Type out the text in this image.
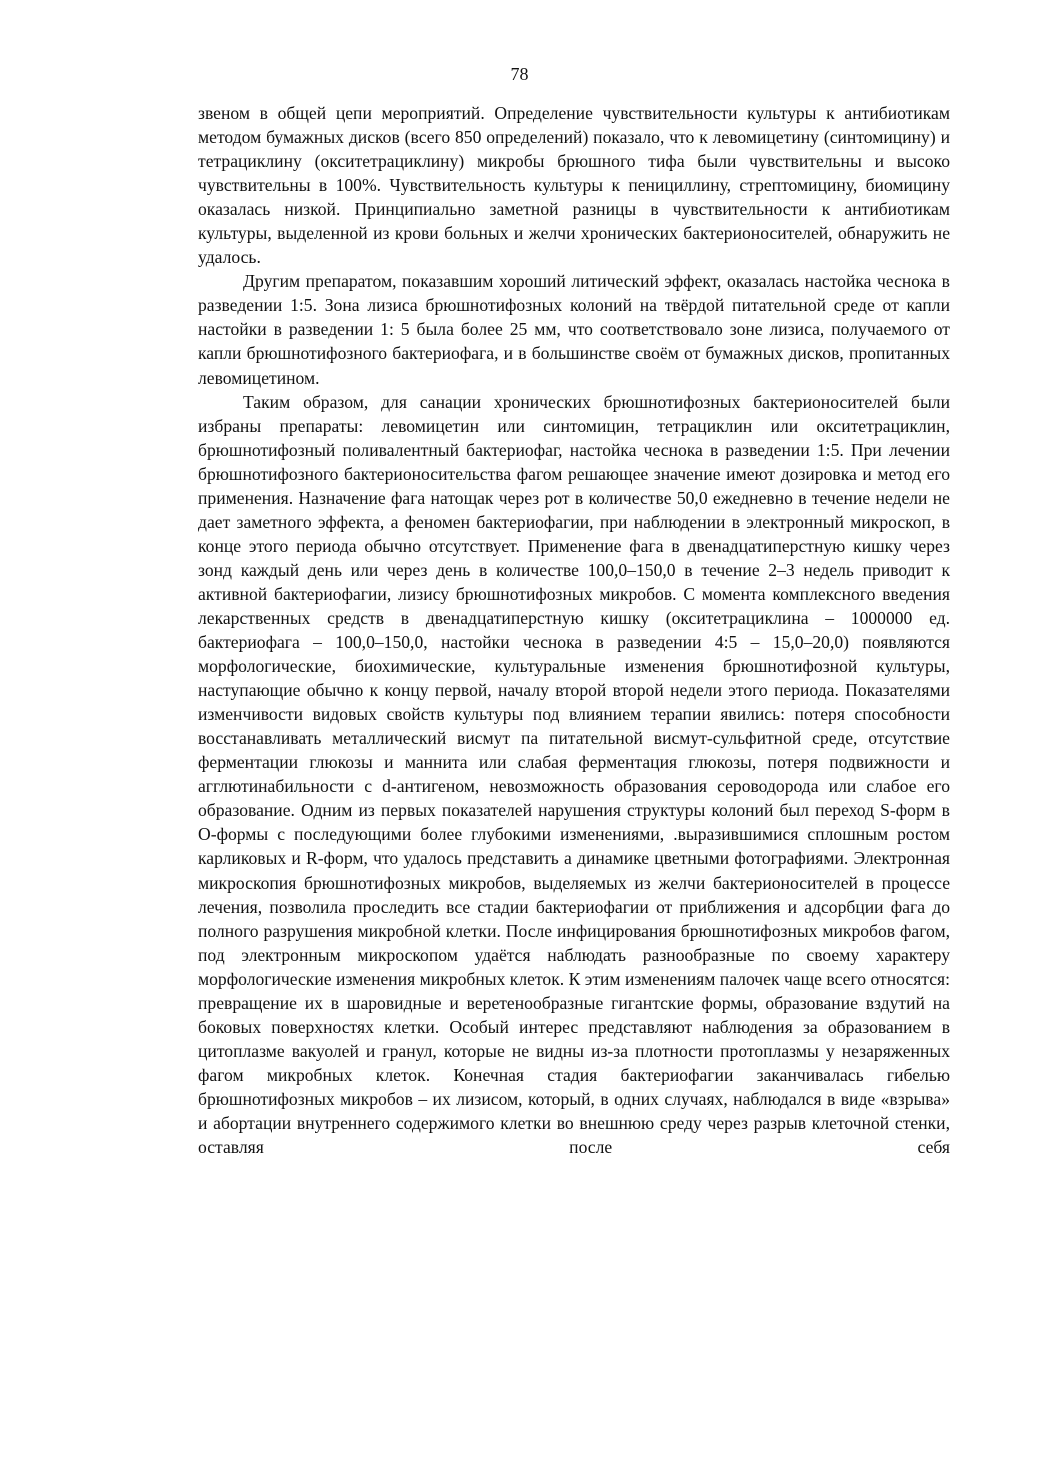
78

звеном в общей цепи мероприятий. Определение чувствительности культуры к антибиотикам методом бумажных дисков (всего 850 определений) показало, что к левомицетину (синтомицину) и тетрациклину (окситетрациклину) микробы брюшного тифа были чувствительны и высоко чувствительны в 100%. Чувствительность культуры к пенициллину, стрептомицину, биомицину оказалась низкой. Принципиально заметной разницы в чувствительности к антибиотикам культуры, выделенной из крови больных и желчи хронических бактерионосителей, обнаружить не удалось.

Другим препаратом, показавшим хороший литический эффект, оказалась настойка чеснока в разведении 1:5. Зона лизиса брюшнотифозных колоний на твёрдой питательной среде от капли настойки в разведении 1: 5 была более 25 мм, что соответствовало зоне лизиса, получаемого от капли брюшнотифозного бактериофага, и в большинстве своём от бумажных дисков, пропитанных левомицетином.

Таким образом, для санации хронических брюшнотифозных бактерионосителей были избраны препараты: левомицетин или синтомицин, тетрациклин или окситетрациклин, брюшнотифозный поливалентный бактериофаг, настойка чеснока в разведении 1:5. При лечении брюшнотифозного бактерионосительства фагом решающее значение имеют дозировка и метод его применения. Назначение фага натощак через рот в количестве 50,0 ежедневно в течение недели не дает заметного эффекта, а феномен бактериофагии, при наблюдении в электронный микроскоп, в конце этого периода обычно отсутствует. Применение фага в двенадцатиперстную кишку через зонд каждый день или через день в количестве 100,0–150,0 в течение 2–3 недель приводит к активной бактериофагии, лизису брюшнотифозных микробов. С момента комплексного введения лекарственных средств в двенадцатиперстную кишку (окситетрациклина – 1000000 ед. бактериофага – 100,0–150,0, настойки чеснока в разведении 4:5 – 15,0–20,0) появляются морфологические, биохимические, культуральные изменения брюшнотифозной культуры, наступающие обычно к концу первой, началу второй второй недели этого периода. Показателями изменчивости видовых свойств культуры под влиянием терапии явились: потеря способности восстанавливать металлический висмут па питательной висмут-сульфитной среде, отсутствие ферментации глюкозы и маннита или слабая ферментация глюкозы, потеря подвижности и агглютинабильности с d-антигеном, невозможность образования сероводорода или слабое его образование. Одним из первых показателей нарушения структуры колоний был переход S-форм в O-формы с последующими более глубокими изменениями, .выразившимися сплошным ростом карликовых и R-форм, что удалось представить а динамике цветными фотографиями. Электронная микроскопия брюшнотифозных микробов, выделяемых из желчи бактерионосителей в процессе лечения, позволила проследить все стадии бактериофагии от приближения и адсорбции фага до полного разрушения микробной клетки. После инфицирования брюшнотифозных микробов фагом, под электронным микроскопом удаётся наблюдать разнообразные по своему характеру морфологические изменения микробных клеток. К этим изменениям палочек чаще всего относятся: превращение их в шаровидные и веретенообразные гигантские формы, образование вздутий на боковых поверхностях клетки. Особый интерес представляют наблюдения за образованием в цитоплазме вакуолей и гранул, которые не видны из-за плотности протоплазмы у незаряженных фагом микробных клеток. Конечная стадия бактериофагии заканчивалась гибелью брюшнотифозных микробов – их лизисом, который, в одних случаях, наблюдался в виде «взрыва» и абортации внутреннего содержимого клетки во внешнюю среду через разрыв клеточной стенки, оставляя после себя
